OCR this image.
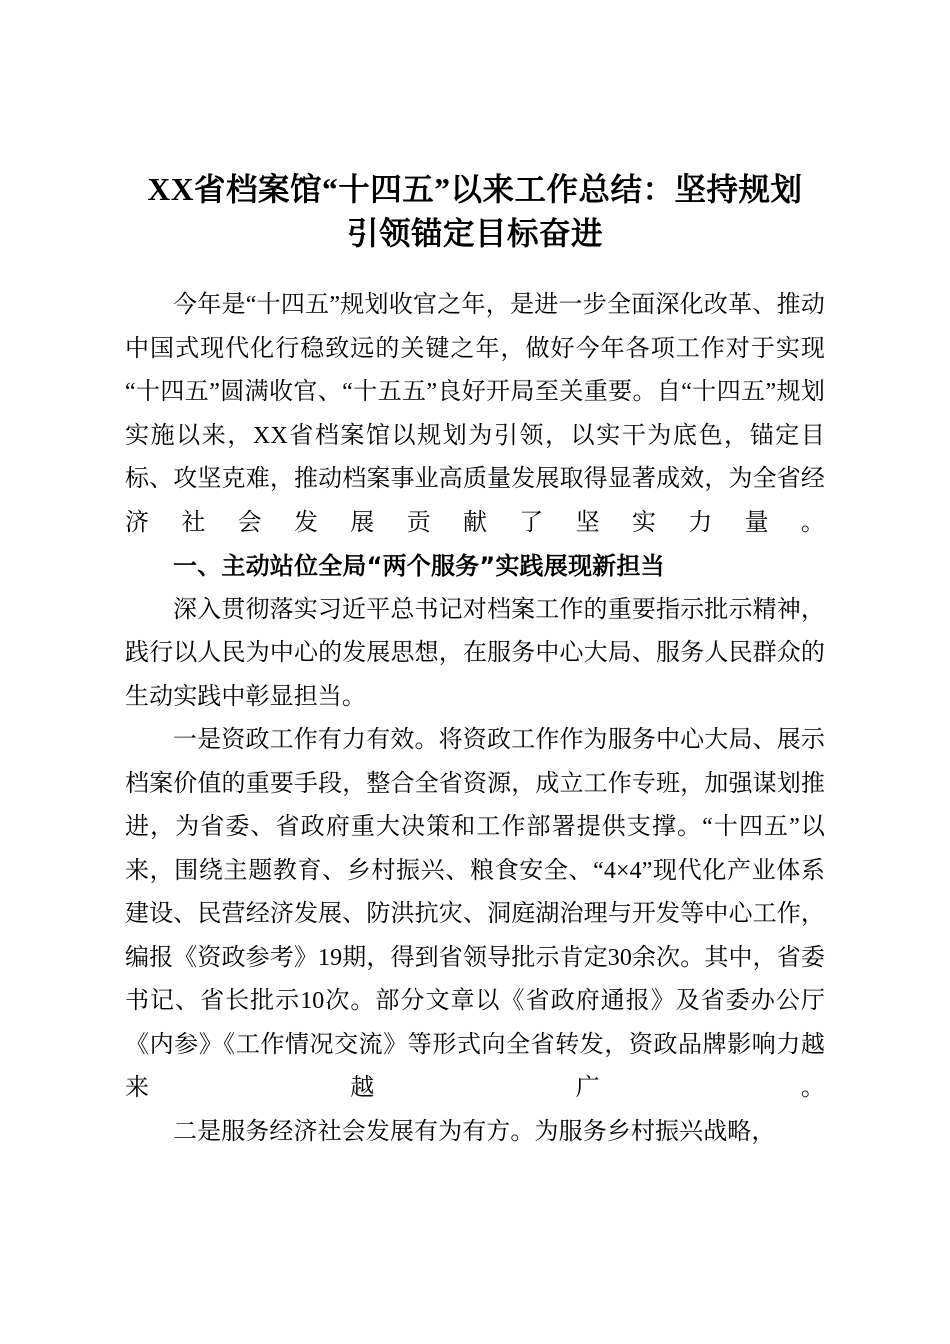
XX省档案馆“十四五”以来工作总结：坚持规划引领锚定目标奋进

今年是“十四五”规划收官之年，是进一步全面深化改革、推动中国式现代化行稳致远的关键之年，做好今年各项工作对于实现“十四五”圆满收官、“十五五”良好开局至关重要。自“十四五”规划实施以来，XX省档案馆以规划为引领，以实干为底色，锚定目标、攻坚克难，推动档案事业高质量发展取得显著成效，为全省经济社会发展贡献了坚实力量。

一、主动站位全局“两个服务”实践展现新担当

深入贯彻落实习近平总书记对档案工作的重要指示批示精神，践行以人民为中心的发展思想，在服务中心大局、服务人民群众的生动实践中彰显担当。

一是资政工作有力有效。将资政工作作为服务中心大局、展示档案价值的重要手段，整合全省资源，成立工作专班，加强谋划推进，为省委、省政府重大决策和工作部署提供支撑。“十四五”以来，围绕主题教育、乡村振兴、粮食安全、“4×4”现代化产业体系建设、民营经济发展、防洪抗灾、洞庭湖治理与开发等中心工作，编报《资政参考》19期，得到省领导批示肯定30余次。其中，省委书记、省长批示10次。部分文章以《省政府通报》及省委办公厅《内参》《工作情况交流》等形式向全省转发，资政品牌影响力越来越广。

二是服务经济社会发展有为有方。为服务乡村振兴战略，
